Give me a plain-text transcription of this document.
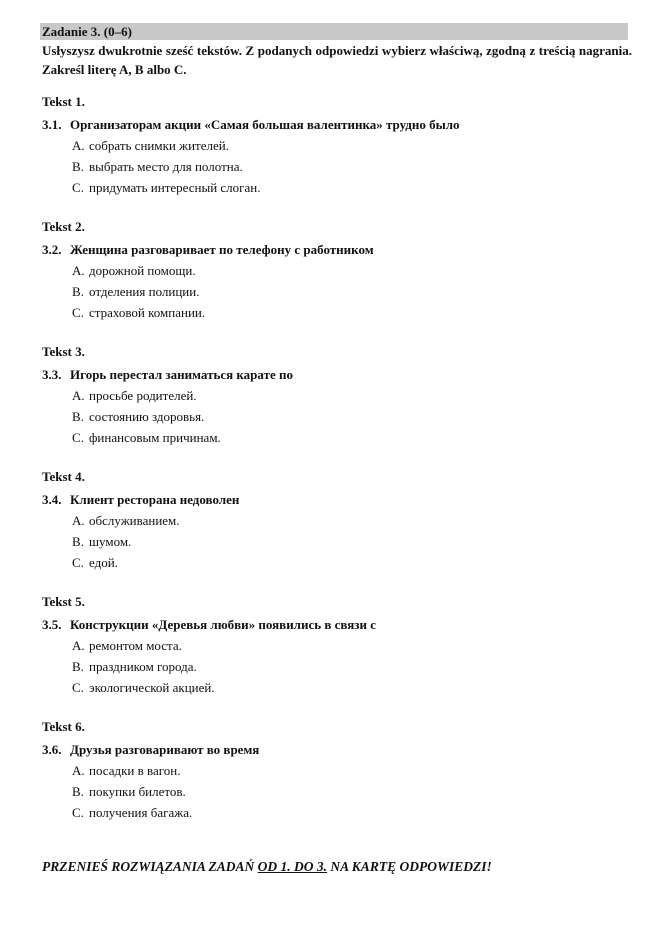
Zadanie 3. (0–6)
Usłyszysz dwukrotnie sześć tekstów. Z podanych odpowiedzi wybierz właściwą, zgodną z treścią nagrania. Zakreśl literę A, B albo C.
Tekst 1.
3.1. Организаторам акции «Самая большая валентинка» трудно было
A. собрать снимки жителей.
B. выбрать место для полотна.
C. придумать интересный слоган.
Tekst 2.
3.2. Женщина разговаривает по телефону с работником
A. дорожной помощи.
B. отделения полиции.
C. страховой компании.
Tekst 3.
3.3. Игорь перестал заниматься карате по
A. просьбе родителей.
B. состоянию здоровья.
C. финансовым причинам.
Tekst 4.
3.4. Клиент ресторана недоволен
A. обслуживанием.
B. шумом.
C. едой.
Tekst 5.
3.5. Конструкции «Деревья любви» появились в связи с
A. ремонтом моста.
B. праздником города.
C. экологической акцией.
Tekst 6.
3.6. Друзья разговаривают во время
A. посадки в вагон.
B. покупки билетов.
C. получения багажа.
PRZENIEŚ ROZWIĄZANIA ZADAŃ OD 1. DO 3. NA KARTĘ ODPOWIEDZI!
